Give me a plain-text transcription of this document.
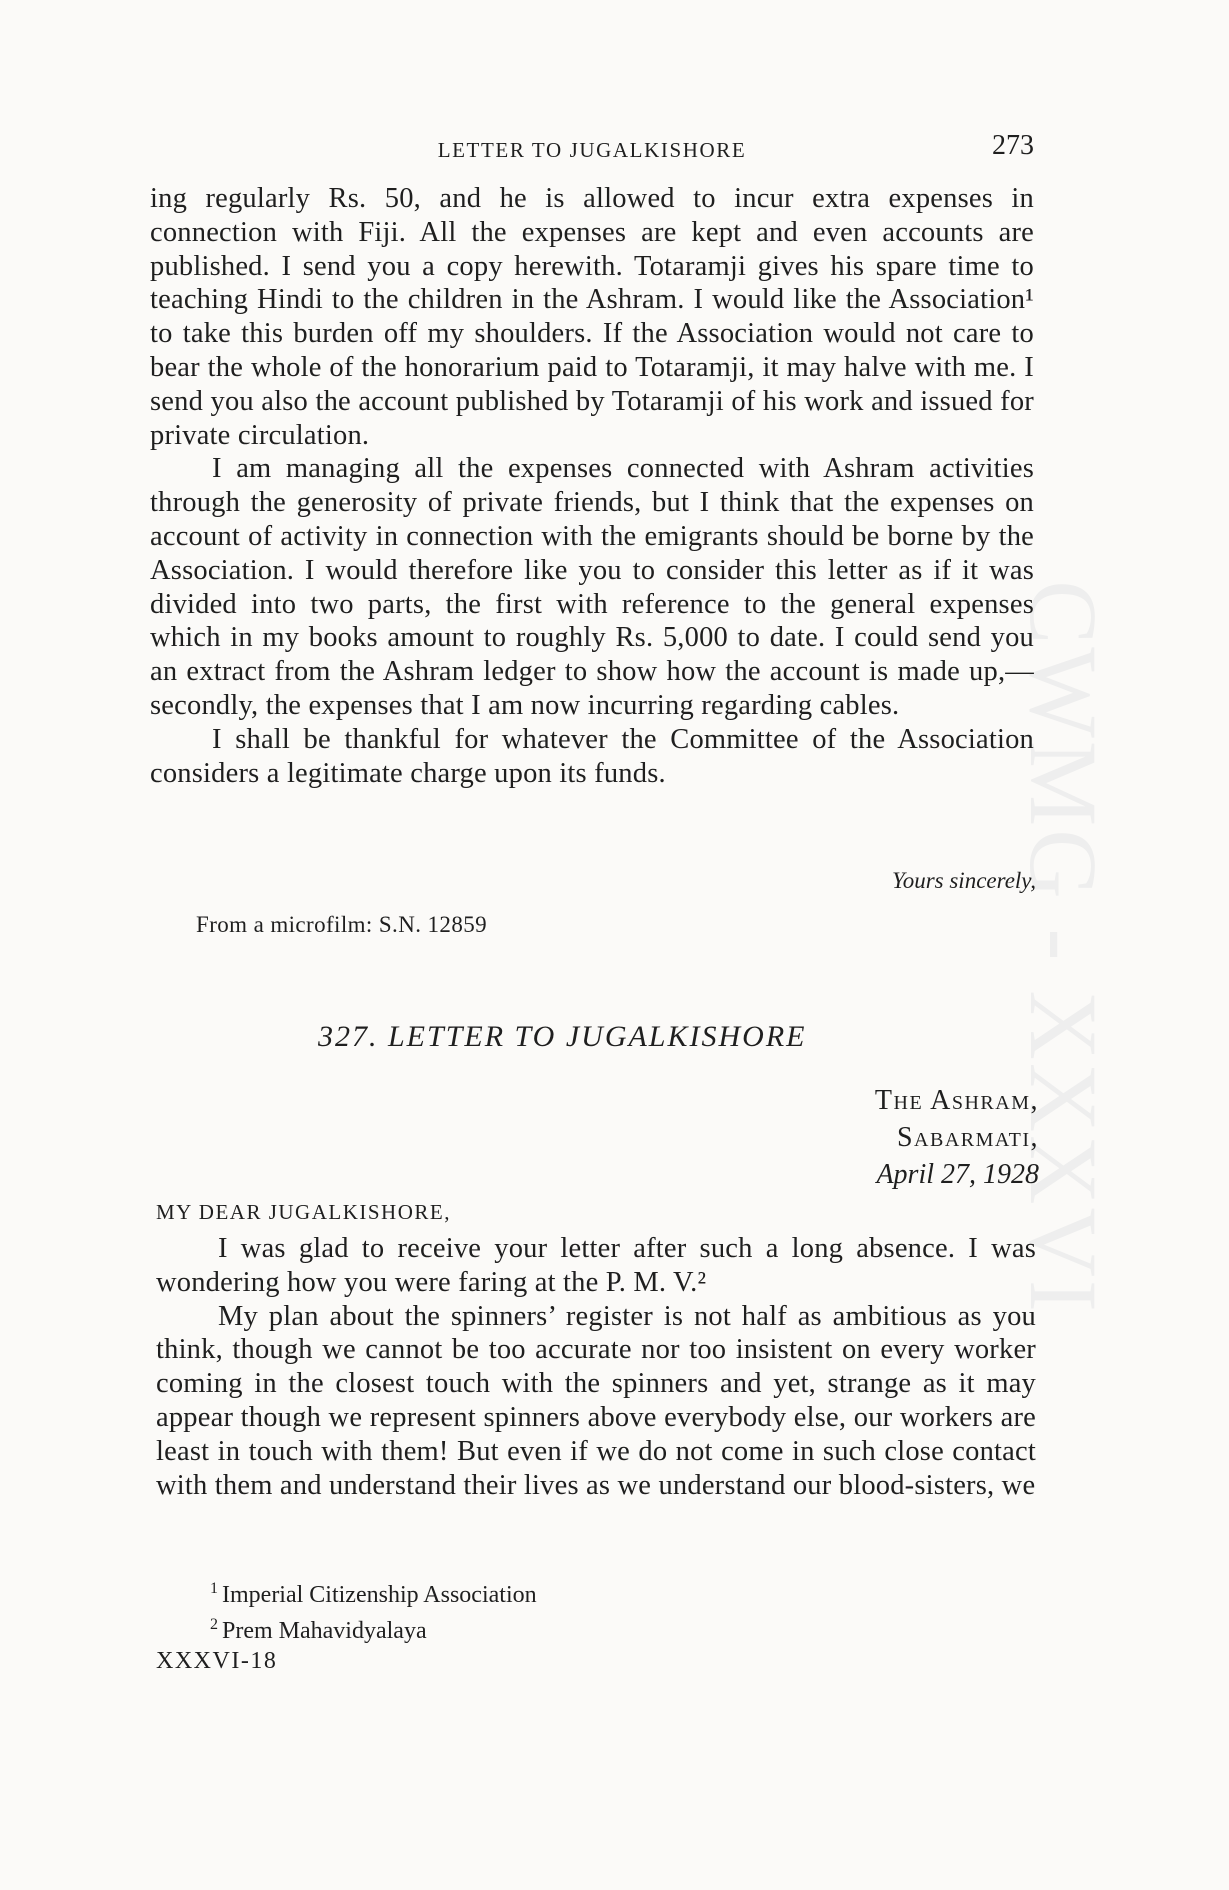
CWMG - XXXVI
LETTER TO JUGALKISHORE	273

ing regularly Rs. 50, and he is allowed to incur extra expenses in connection with Fiji. All the expenses are kept and even accounts are published. I send you a copy herewith. Totaramji gives his spare time to teaching Hindi to the children in the Ashram. I would like the Association¹ to take this burden off my shoulders. If the Association would not care to bear the whole of the honorarium paid to Totaramji, it may halve with me. I send you also the account published by Totaramji of his work and issued for private circulation.

I am managing all the expenses connected with Ashram activities through the generosity of private friends, but I think that the expenses on account of activity in connection with the emigrants should be borne by the Association. I would therefore like you to consider this letter as if it was divided into two parts, the first with reference to the general expenses which in my books amount to roughly Rs. 5,000 to date. I could send you an extract from the Ashram ledger to show how the account is made up,— secondly, the expenses that I am now incurring regarding cables.

I shall be thankful for whatever the Committee of the Association considers a legitimate charge upon its funds.

Yours sincerely,
From a microfilm: S.N. 12859
327. LETTER TO JUGALKISHORE
The Ashram,
Sabarmati,
April 27, 1928
MY DEAR JUGALKISHORE,

I was glad to receive your letter after such a long absence. I was wondering how you were faring at the P. M. V.²

My plan about the spinners’ register is not half as ambitious as you think, though we cannot be too accurate nor too insistent on every worker coming in the closest touch with the spinners and yet, strange as it may appear though we represent spinners above everybody else, our workers are least in touch with them! But even if we do not come in such close contact with them and understand their lives as we understand our blood-sisters, we

$^1$ Imperial Citizenship Association
$^2$ Prem Mahavidyalaya
XXXVI-18
